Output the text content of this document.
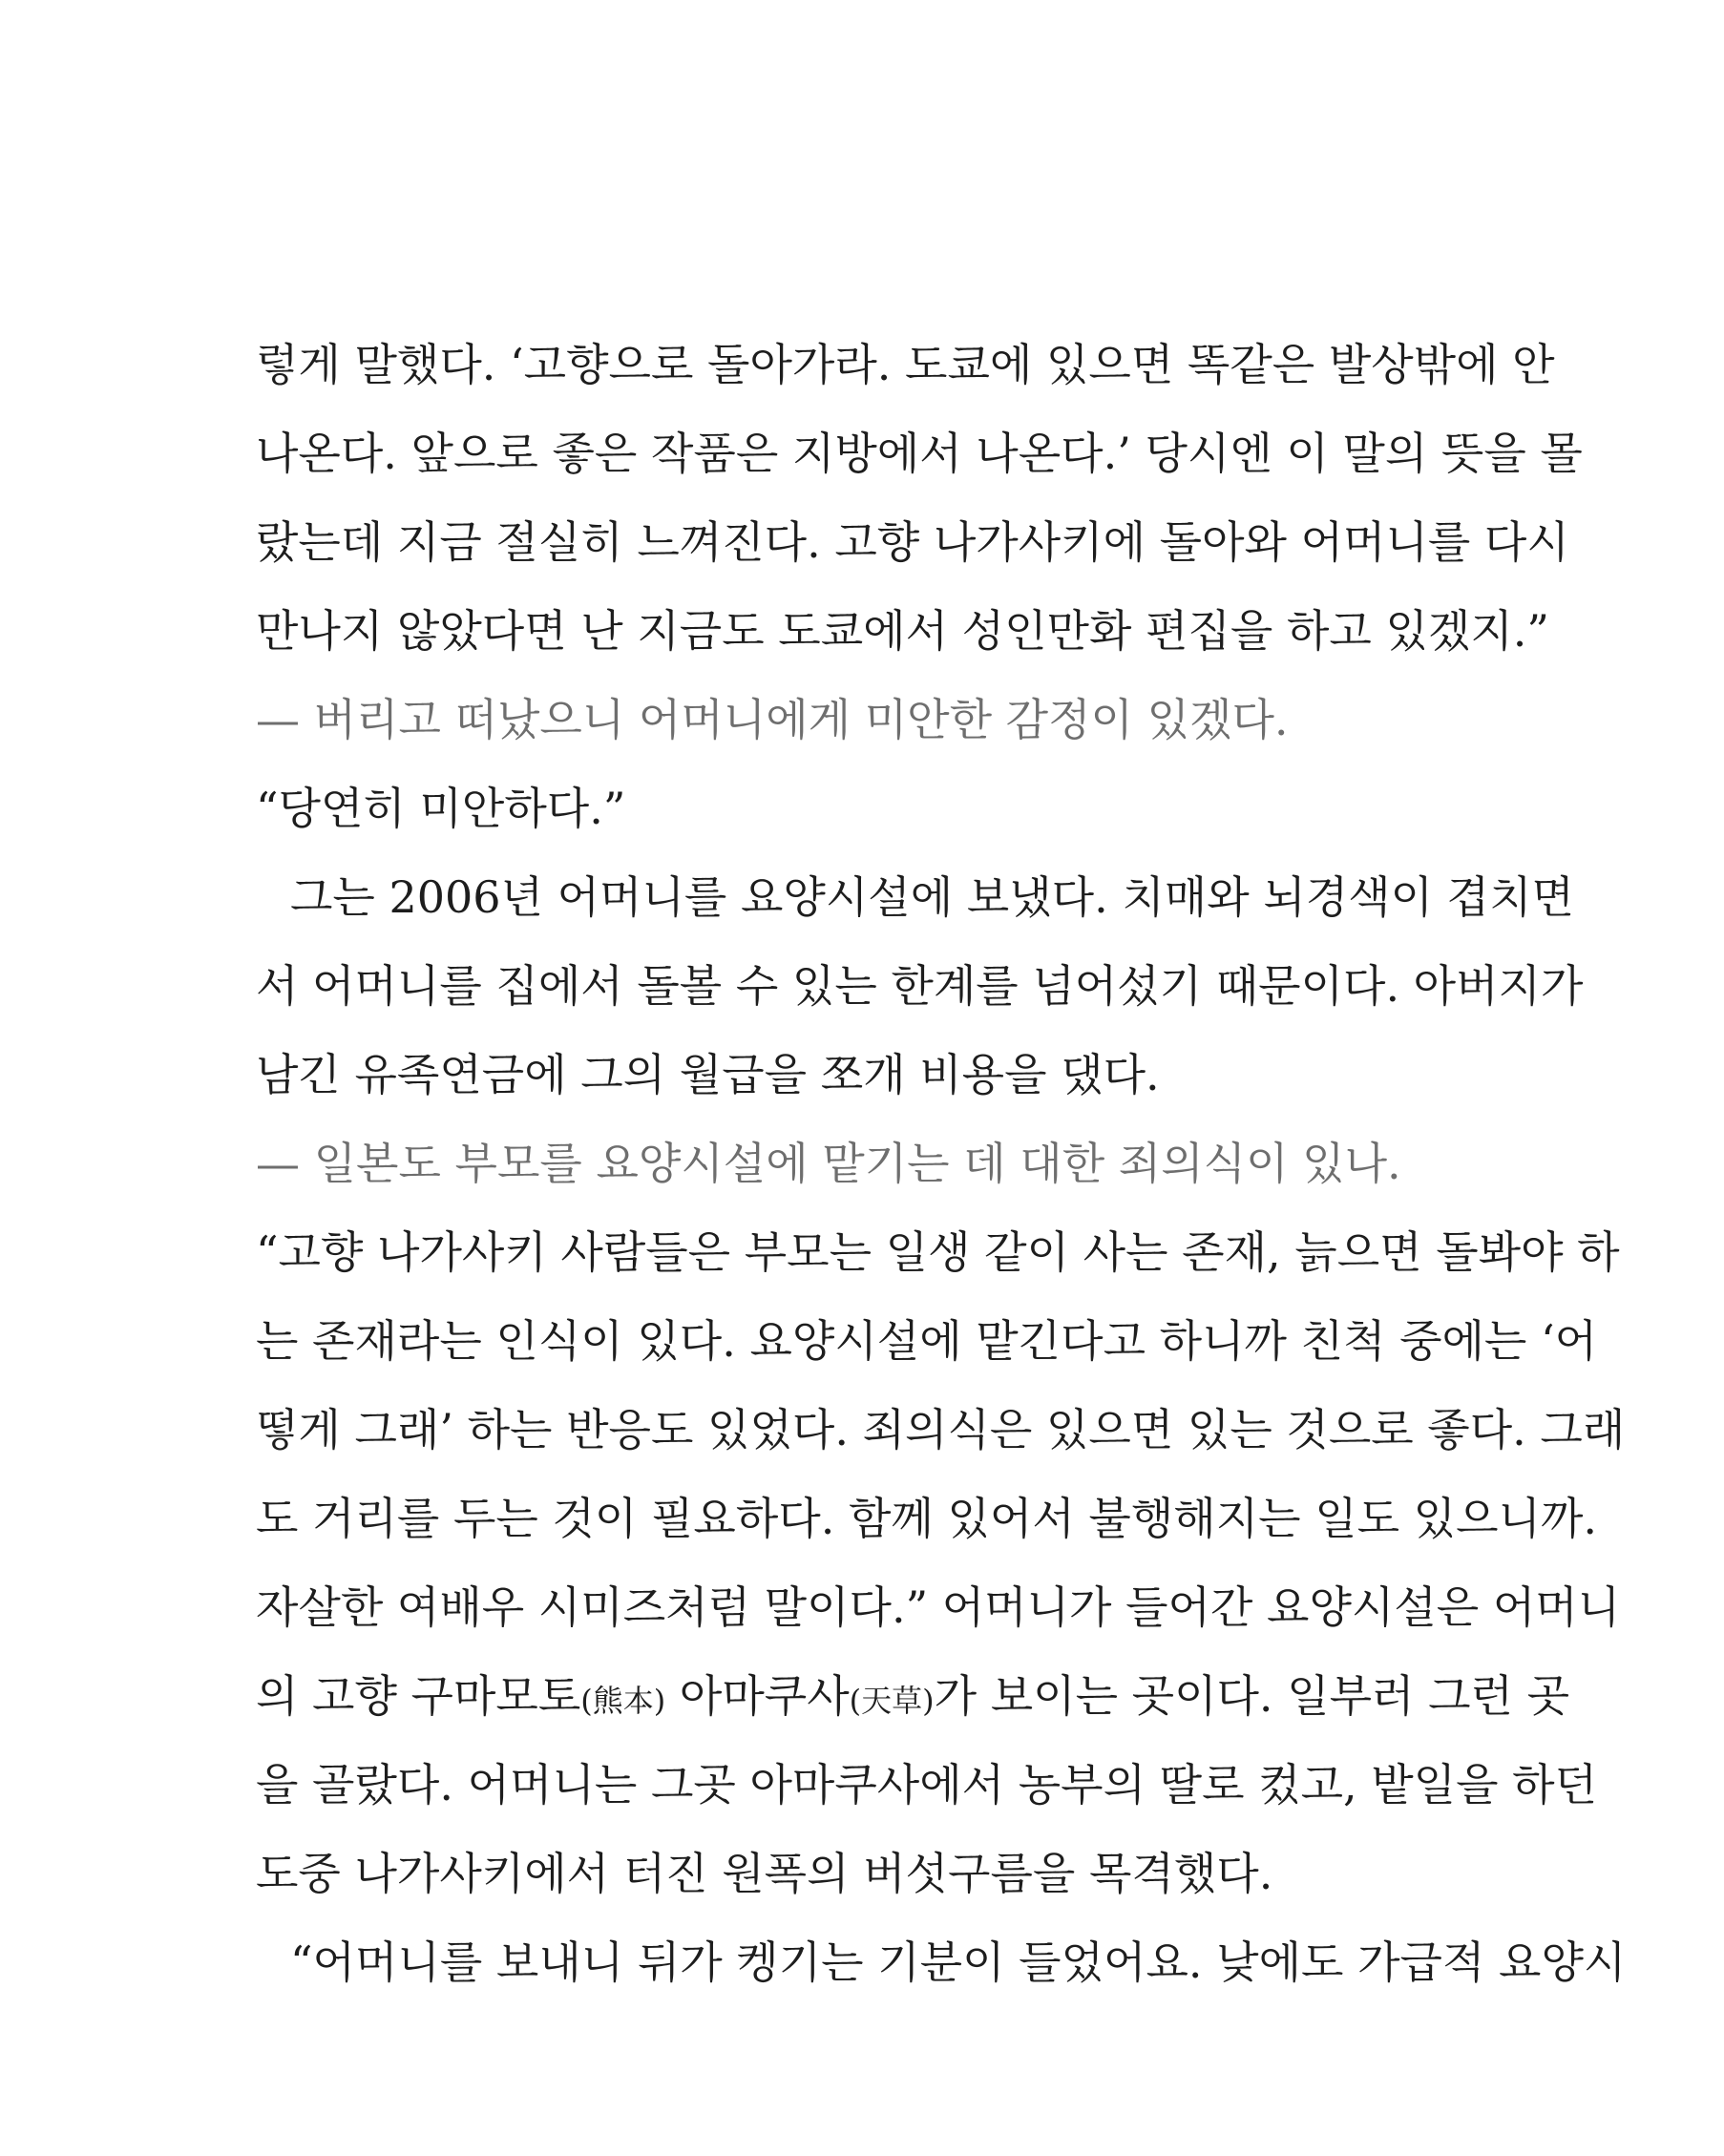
렇게 말했다. ‘고향으로 돌아가라. 도쿄에 있으면 똑같은 발상밖에 안
나온다. 앞으로 좋은 작품은 지방에서 나온다.’ 당시엔 이 말의 뜻을 몰
랐는데 지금 절실히 느껴진다. 고향 나가사키에 돌아와 어머니를 다시
만나지 않았다면 난 지금도 도쿄에서 성인만화 편집을 하고 있겠지.”
— 버리고 떠났으니 어머니에게 미안한 감정이 있겠다.
“당연히 미안하다.”
그는 2006년 어머니를 요양시설에 보냈다. 치매와 뇌경색이 겹치면
서 어머니를 집에서 돌볼 수 있는 한계를 넘어섰기 때문이다. 아버지가
남긴 유족연금에 그의 월급을 쪼개 비용을 댔다.
— 일본도 부모를 요양시설에 맡기는 데 대한 죄의식이 있나.
“고향 나가사키 사람들은 부모는 일생 같이 사는 존재, 늙으면 돌봐야 하
는 존재라는 인식이 있다. 요양시설에 맡긴다고 하니까 친척 중에는 ‘어
떻게 그래’ 하는 반응도 있었다. 죄의식은 있으면 있는 것으로 좋다. 그래
도 거리를 두는 것이 필요하다. 함께 있어서 불행해지는 일도 있으니까.
자살한 여배우 시미즈처럼 말이다.” 어머니가 들어간 요양시설은 어머니
의 고향 구마모토(熊本) 아마쿠사(天草)가 보이는 곳이다. 일부러 그런 곳
을 골랐다. 어머니는 그곳 아마쿠사에서 농부의 딸로 컸고, 밭일을 하던
도중 나가사키에서 터진 원폭의 버섯구름을 목격했다.
“어머니를 보내니 뒤가 켕기는 기분이 들었어요. 낮에도 가급적 요양시
